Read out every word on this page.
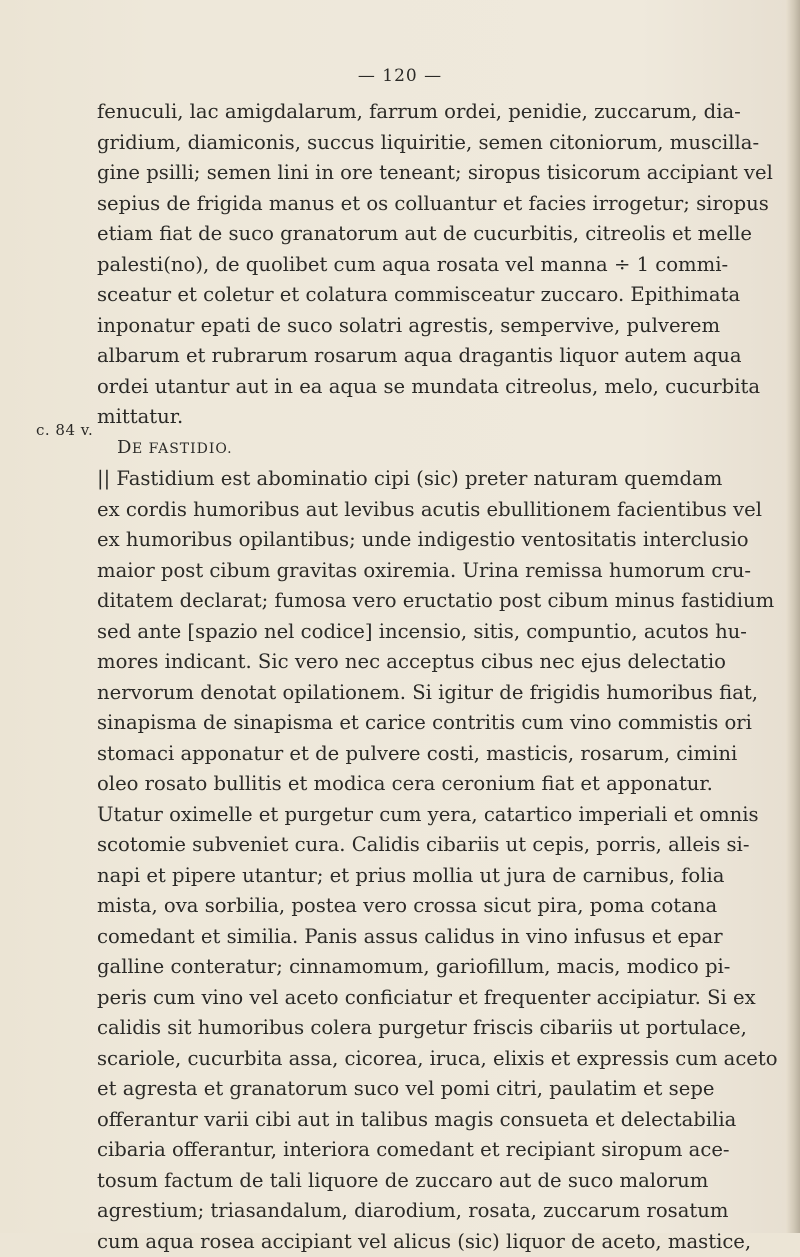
— 120 —
c. 84 v.
fenuculi, lac amigdalarum, farrum ordei, penidie, zuccarum, dia-
gridium, diamiconis, succus liquiritie, semen citoniorum, muscilla-
gine psilli; semen lini in ore teneant; siropus tisicorum accipiant vel
sepius de frigida manus et os colluantur et facies irrogetur; siropus
etiam fiat de suco granatorum aut de cucurbitis, citreolis et melle
palesti(no), de quolibet cum aqua rosata vel manna ÷ 1 commi-
sceatur et coletur et colatura commisceatur zuccaro. Epithimata
inponatur epati de suco solatri agrestis, sempervive, pulverem
albarum et rubrarum rosarum aqua dragantis liquor autem aqua
ordei utantur aut in ea aqua se mundata citreolus, melo, cucurbita
mittatur.
DE FASTIDIO.
|| Fastidium est abominatio cipi (sic) preter naturam quemdam
ex cordis humoribus aut levibus acutis ebullitionem facientibus vel
ex humoribus opilantibus; unde indigestio ventositatis interclusio
maior post cibum gravitas oxiremia. Urina remissa humorum cru-
ditatem declarat; fumosa vero eructatio post cibum minus fastidium
sed ante [spazio nel codice] incensio, sitis, compuntio, acutos hu-
mores indicant. Sic vero nec acceptus cibus nec ejus delectatio
nervorum denotat opilationem. Si igitur de frigidis humoribus fiat,
sinapisma de sinapisma et carice contritis cum vino commistis ori
stomaci apponatur et de pulvere costi, masticis, rosarum, cimini
oleo rosato bullitis et modica cera ceronium fiat et apponatur.
Utatur oximelle et purgetur cum yera, catartico imperiali et omnis
scotomie subveniet cura. Calidis cibariis ut cepis, porris, alleis si-
napi et pipere utantur; et prius mollia ut jura de carnibus, folia
mista, ova sorbilia, postea vero crossa sicut pira, poma cotana
comedant et similia. Panis assus calidus in vino infusus et epar
galline conteratur; cinnamomum, gariofillum, macis, modico pi-
peris cum vino vel aceto conficiatur et frequenter accipiatur. Si ex
calidis sit humoribus colera purgetur friscis cibariis ut portulace,
scariole, cucurbita assa, cicorea, iruca, elixis et expressis cum aceto
et agresta et granatorum suco vel pomi citri, paulatim et sepe
offerantur varii cibi aut in talibus magis consueta et delectabilia
cibaria offerantur, interiora comedant et recipiant siropum ace-
tosum factum de tali liquore de zuccaro aut de suco malorum
agrestium; triasandalum, diarodium, rosata, zuccarum rosatum
cum aqua rosea accipiant vel alicus (sic) liquor de aceto, mastice,
